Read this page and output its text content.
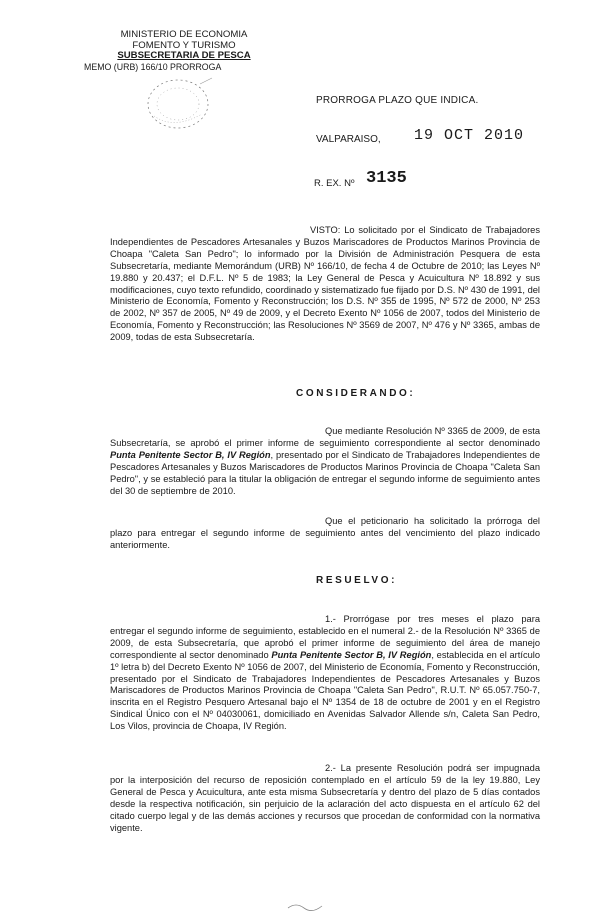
MINISTERIO DE ECONOMIA
FOMENTO Y TURISMO
SUBSECRETARIA DE PESCA
MEMO (URB) 166/10 PRORROGA
PRORROGA PLAZO QUE INDICA.
VALPARAISO, 19 OCT 2010
R. EX. Nº 3135
VISTO: Lo solicitado por el Sindicato de Trabajadores Independientes de Pescadores Artesanales y Buzos Mariscadores de Productos Marinos Provincia de Choapa "Caleta San Pedro"; lo informado por la División de Administración Pesquera de esta Subsecretaría, mediante Memorándum (URB) Nº 166/10, de fecha 4 de Octubre de 2010; las Leyes Nº 19.880 y 20.437; el D.F.L. Nº 5 de 1983; la Ley General de Pesca y Acuicultura Nº 18.892 y sus modificaciones, cuyo texto refundido, coordinado y sistematizado fue fijado por D.S. Nº 430 de 1991, del Ministerio de Economía, Fomento y Reconstrucción; los D.S. Nº 355 de 1995, Nº 572 de 2000, Nº 253 de 2002, Nº 357 de 2005, Nº 49 de 2009, y el Decreto Exento Nº 1056 de 2007, todos del Ministerio de Economía, Fomento y Reconstrucción; las Resoluciones Nº 3569 de 2007, Nº 476 y Nº 3365, ambas de 2009, todas de esta Subsecretaría.
CONSIDERANDO:
Que mediante Resolución Nº 3365 de 2009, de esta Subsecretaría, se aprobó el primer informe de seguimiento correspondiente al sector denominado Punta Penitente Sector B, IV Región, presentado por el Sindicato de Trabajadores Independientes de Pescadores Artesanales y Buzos Mariscadores de Productos Marinos Provincia de Choapa "Caleta San Pedro", y se estableció para la titular la obligación de entregar el segundo informe de seguimiento antes del 30 de septiembre de 2010.
Que el peticionario ha solicitado la prórroga del plazo para entregar el segundo informe de seguimiento antes del vencimiento del plazo indicado anteriormente.
RESUELVO:
1.- Prorrógase por tres meses el plazo para entregar el segundo informe de seguimiento, establecido en el numeral 2.- de la Resolución Nº 3365 de 2009, de esta Subsecretaría, que aprobó el primer informe de seguimiento del área de manejo correspondiente al sector denominado Punta Penitente Sector B, IV Región, establecida en el artículo 1º letra b) del Decreto Exento Nº 1056 de 2007, del Ministerio de Economía, Fomento y Reconstrucción, presentado por el Sindicato de Trabajadores Independientes de Pescadores Artesanales y Buzos Mariscadores de Productos Marinos Provincia de Choapa "Caleta San Pedro", R.U.T. Nº 65.057.750-7, inscrita en el Registro Pesquero Artesanal bajo el Nº 1354 de 18 de octubre de 2001 y en el Registro Sindical Único con el Nº 04030061, domiciliado en Avenidas Salvador Allende s/n, Caleta San Pedro, Los Vilos, provincia de Choapa, IV Región.
2.- La presente Resolución podrá ser impugnada por la interposición del recurso de reposición contemplado en el artículo 59 de la ley 19.880, Ley General de Pesca y Acuicultura, ante esta misma Subsecretaría y dentro del plazo de 5 días contados desde la respectiva notificación, sin perjuicio de la aclaración del acto dispuesta en el artículo 62 del citado cuerpo legal y de las demás acciones y recursos que procedan de conformidad con la normativa vigente.
